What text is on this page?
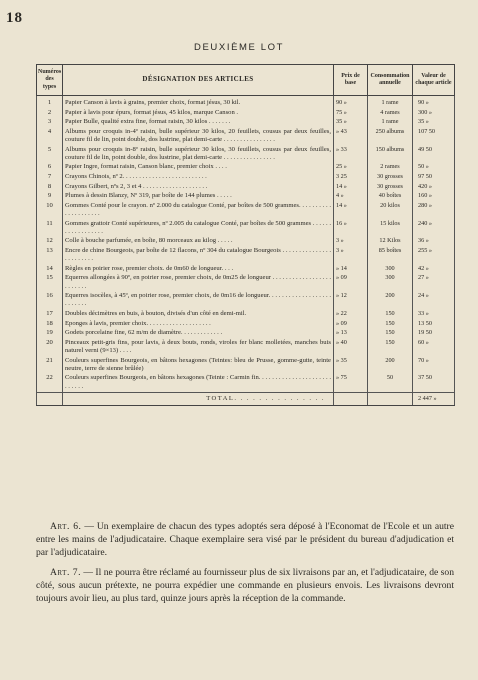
18
DEUXIÈME LOT
Numéros des types	DÉSIGNATION DES ARTICLES	Prix de base	Consommation annuelle	Valeur de chaque article
1	Papier Canson à lavis à grains, premier choix, format jésus, 30 kil.	90 »	1 rame	90 »
2	Papier à lavis pour épurs, format jésus, 45 kilos, marque Canson .	75 »	4 rames	300 »
3	Papier Bulle, qualité extra fine, format raisin, 30 kilos . . . . . . .	35 »	1 rame	35 »
4	Albums pour croquis in-4º raisin, bulle supérieur 30 kilos, 20 feuillets, cousus par deux feuilles, couture fil de lin, point double, dos lustrine, plat demi-carte . . . . . . . . . . . . . . . .	» 43	250 albums	107 50
5	Albums pour croquis in-8º raisin, bulle supérieur 30 kilos, 30 feuillets, cousus par deux feuilles, couture fil de lin, point double, dos lustrine, plat demi-carte . . . . . . . . . . . . . . . .	» 33	150 albums	49 50
6	Papier Ingre, format raisin, Canson blanc, premier choix . . . .	25 »	2 rames	50 »
7	Crayons Chinois, nº 2. . . . . . . . . . . . . . . . . . . . . . . . . .	3 25	30 grosses	97 50
8	Crayons Gilbert, nºs 2, 3 et 4 . . . . . . . . . . . . . . . . . . . .	14 »	30 grosses	420 »
9	Plumes à dessin Blanzy, Nº 319, par boîte de 144 plumes . . . . .	4 »	40 boîtes	160 »
10	Gommes Conté pour le crayon. nº 2.000 du catalogue Conté, par boîtes de 500 grammes. . . . . . . . . . . . . . . . . . . . .	14 »	20 kilos	280 »
11	Gommes grattoir Conté supérieures, nº 2.005 du catalogue Conté, par boîtes de 500 grammes . . . . . . . . . . . . . . . . . .	16 »	15 kilos	240 »
12	Colle à bouche parfumée, en boîte, 80 morceaux au kilog . . . . .	3 »	12 Kilos	36 »
13	Encre de chine Bourgeois, par boîte de 12 flacons, nº 304 du catalogue Bourgeois . . . . . . . . . . . . . . . . . . . . . . . .	3 »	85 boîtes	255 »
14	Règles en poirier rose, premier choix. de 0m60 de longueur. . . .	» 14	300	42 »
15	Equerres allongées à 90º, en poirier rose, premier choix, de 0m25 de longueur . . . . . . . . . . . . . . . . . . . . . . . . .	» 09	300	27 »
16	Equerres isocèles, à 45º, en poirier rose, premier choix, de 0m16 de longueur. . . . . . . . . . . . . . . . . . . . . . . . . .	» 12	200	24 »
17	Doubles décimètres en buis, à bouton, divisés d'un côté en demi-mil.	» 22	150	33 »
18	Eponges à lavis, premier choix. . . . . . . . . . . . . . . . . . . .	» 09	150	13 50
19	Godets porcelaine fine, 62 m/m de diamètre. . . . . . . . . . . . .	» 13	150	19 50
20	Pinceaux petit-gris fins, pour lavis, à deux bouts, ronds, viroles fer blanc molletées, manches buis naturel verni (9×13) . . . .	» 40	150	60 »
21	Couleurs superfines Bourgeois, en bâtons hexagones (Teintes: bleu de Prusse, gomme-gutte, teinte neutre, terre de sienne brûlée)	» 35	200	70 »
22	Couleurs superfines Bourgeois, en bâtons hexagones (Teinte : Carmin fin. . . . . . . . . . . . . . . . . . . . . . . . . . . .	» 75	50	37 50
	TOTAL. . . . . . . . . . . . . . .			2 447 »

Art. 6. — Un exemplaire de chacun des types adoptés sera déposé à l'Economat de l'Ecole et un autre entre les mains de l'adjudicataire. Chaque exemplaire sera visé par le président du bureau d'adjudication et par l'adjudicataire.

Art. 7. — Il ne pourra être réclamé au fournisseur plus de six livraisons par an, et l'adjudicataire, de son côté, sous aucun prétexte, ne pourra expédier une commande en plusieurs envois. Les livraisons devront toujours avoir lieu, au plus tard, quinze jours après la réception de la commande.
